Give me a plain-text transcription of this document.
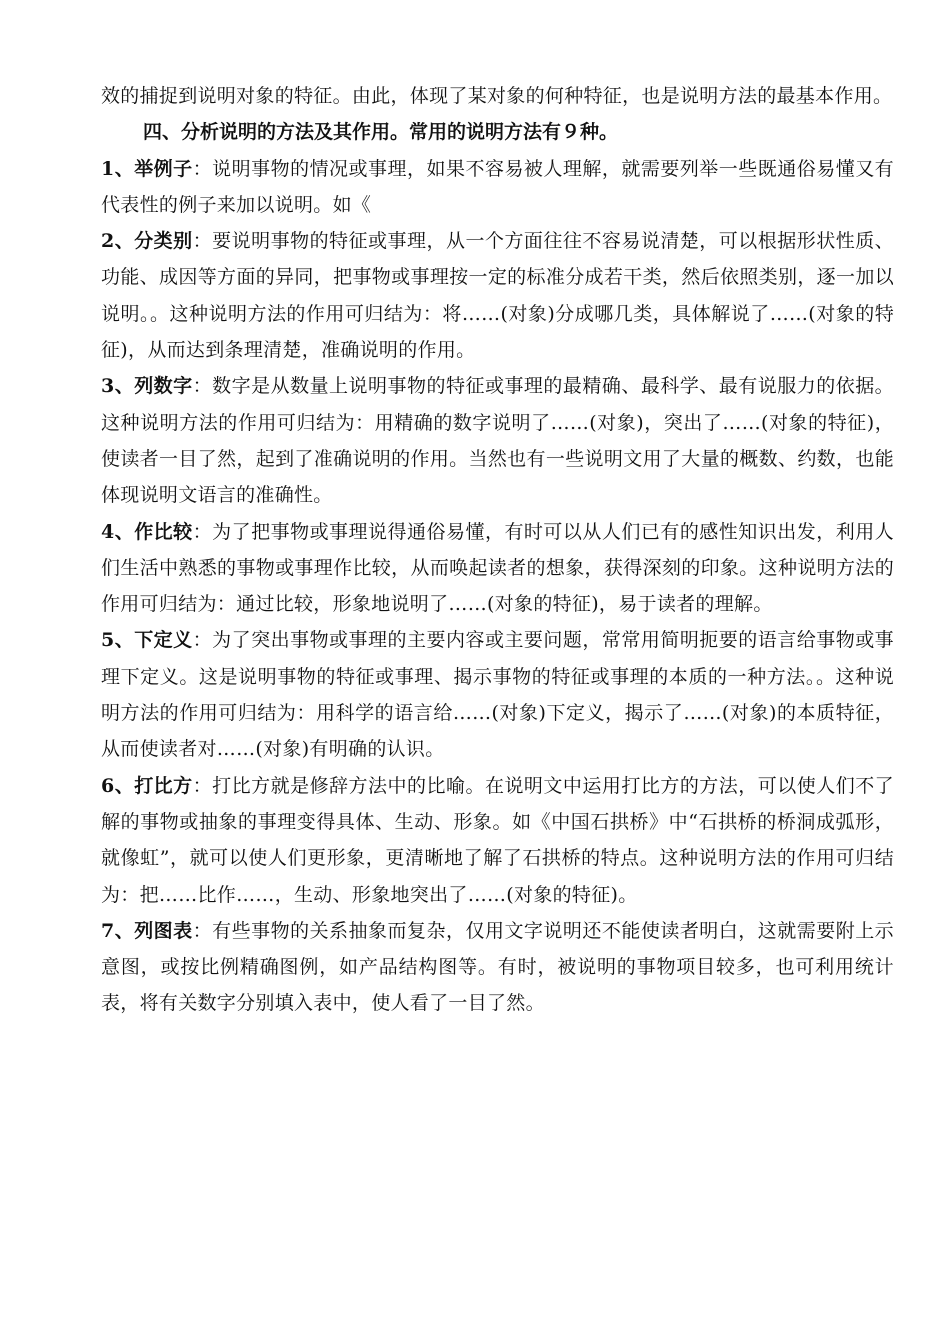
效的捕捉到说明对象的特征。由此，体现了某对象的何种特征，也是说明方法的最基本作用。

四、分析说明的方法及其作用。常用的说明方法有９种。

1、举例子：说明事物的情况或事理，如果不容易被人理解，就需要列举一些既通俗易懂又有代表性的例子来加以说明。如《

2、分类别：要说明事物的特征或事理，从一个方面往往不容易说清楚，可以根据形状性质、功能、成因等方面的异同，把事物或事理按一定的标准分成若干类，然后依照类别，逐一加以说明。。这种说明方法的作用可归结为：将……(对象)分成哪几类，具体解说了……(对象的特征)，从而达到条理清楚，准确说明的作用。

3、列数字：数字是从数量上说明事物的特征或事理的最精确、最科学、最有说服力的依据。这种说明方法的作用可归结为：用精确的数字说明了……(对象)，突出了……(对象的特征)，使读者一目了然，起到了准确说明的作用。当然也有一些说明文用了大量的概数、约数，也能体现说明文语言的准确性。

4、作比较：为了把事物或事理说得通俗易懂，有时可以从人们已有的感性知识出发，利用人们生活中熟悉的事物或事理作比较，从而唤起读者的想象，获得深刻的印象。这种说明方法的作用可归结为：通过比较，形象地说明了……(对象的特征)，易于读者的理解。

5、下定义：为了突出事物或事理的主要内容或主要问题，常常用简明扼要的语言给事物或事理下定义。这是说明事物的特征或事理、揭示事物的特征或事理的本质的一种方法。。这种说明方法的作用可归结为：用科学的语言给……(对象)下定义，揭示了……(对象)的本质特征，从而使读者对……(对象)有明确的认识。

6、打比方：打比方就是修辞方法中的比喻。在说明文中运用打比方的方法，可以使人们不了解的事物或抽象的事理变得具体、生动、形象。如《中国石拱桥》中“石拱桥的桥洞成弧形，就像虹”，就可以使人们更形象，更清晰地了解了石拱桥的特点。这种说明方法的作用可归结为：把……比作……，生动、形象地突出了……(对象的特征)。

7、列图表：有些事物的关系抽象而复杂，仅用文字说明还不能使读者明白，这就需要附上示意图，或按比例精确图例，如产品结构图等。有时，被说明的事物项目较多，也可利用统计表，将有关数字分别填入表中，使人看了一目了然。
